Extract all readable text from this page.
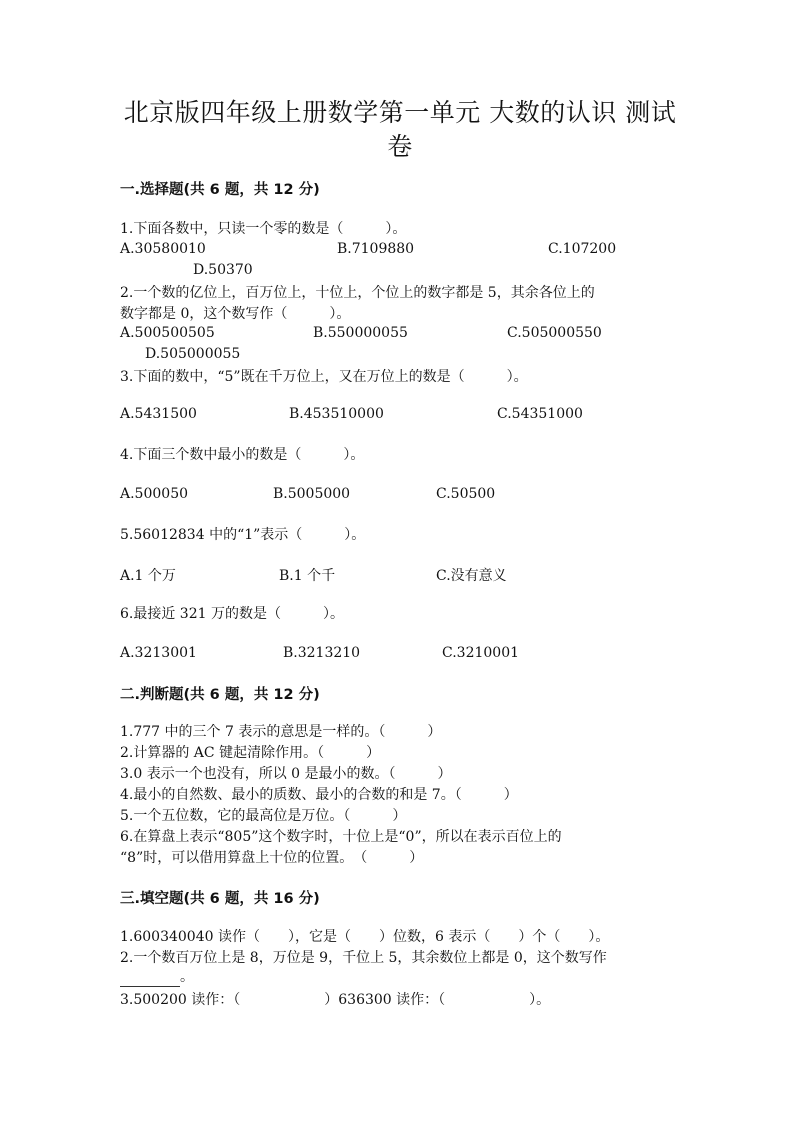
北京版四年级上册数学第一单元 大数的认识 测试
卷
一.选择题(共 6 题，共 12 分)
1.下面各数中，只读一个零的数是（　　　）。
A.30580010	B.7109880	C.107200
D.50370
2.一个数的亿位上，百万位上，十位上，个位上的数字都是 5，其余各位上的
数字都是 0，这个数写作（　　　）。
A.500500505	B.550000055	C.505000550
D.505000055
3.下面的数中，“5”既在千万位上，又在万位上的数是（　　　）。
A.5431500	B.453510000	C.54351000
4.下面三个数中最小的数是（　　　）。
A.500050	B.5005000	C.50500
5.56012834 中的“1”表示（　　　）。
A.1 个万	B.1 个千	C.没有意义
6.最接近 321 万的数是（　　　）。
A.3213001	B.3213210	C.3210001
二.判断题(共 6 题，共 12 分)
1.777 中的三个 7 表示的意思是一样的。（　　　）
2.计算器的 AC 键起清除作用。（　　　）
3.0 表示一个也没有，所以 0 是最小的数。（　　　）
4.最小的自然数、最小的质数、最小的合数的和是 7。（　　　）
5.一个五位数，它的最高位是万位。（　　　）
6.在算盘上表示“805”这个数字时，十位上是“0”，所以在表示百位上的
“8”时，可以借用算盘上十位的位置。　（　　　）
三.填空题(共 6 题，共 16 分)
1.600340040 读作（　　），它是（　　）位数，6 表示（　　）个（　　）。
2.一个数百万位上是 8，万位是 9，千位上 5，其余数位上都是 0，这个数写作
。
3.500200 读作：（　　　　　　）636300 读作：（　　　　　　）。
